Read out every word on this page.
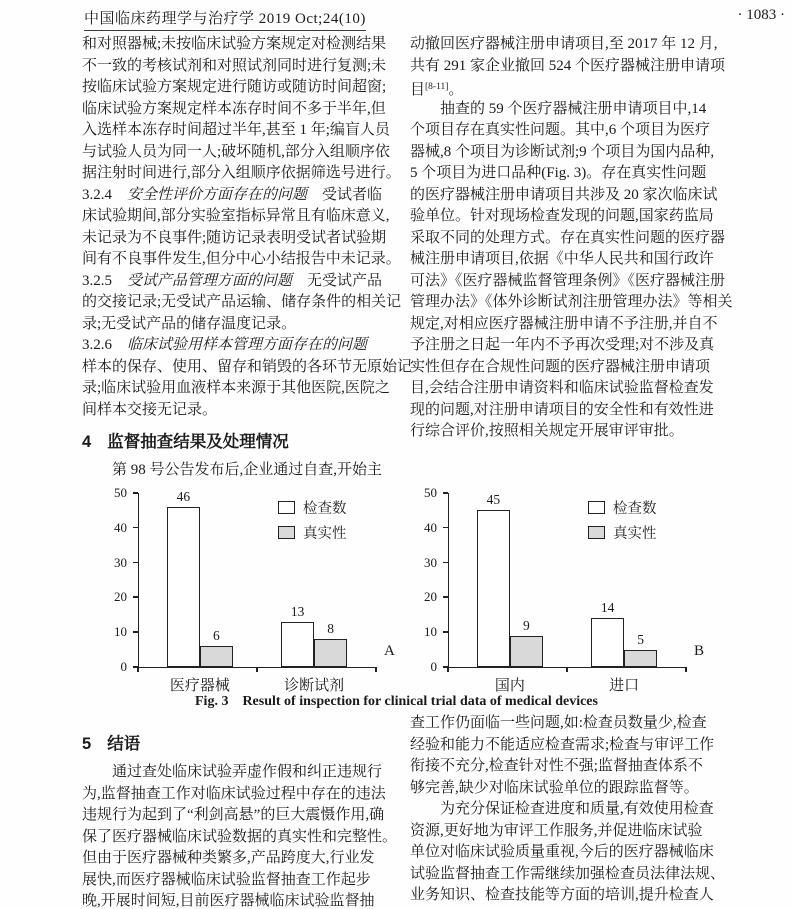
中国临床药理学与治疗学 2019 Oct;24(10)	· 1083 ·
和对照器械;未按临床试验方案规定对检测结果
不一致的考核试剂和对照试剂同时进行复测;未
按临床试验方案规定进行随访或随访时间超窗;
临床试验方案规定样本冻存时间不多于半年,但
入选样本冻存时间超过半年,甚至 1 年;编盲人员
与试验人员为同一人;破坏随机,部分入组顺序依
据注射时间进行,部分入组顺序依据筛选号进行。
3.2.4　安全性评价方面存在的问题　受试者临
床试验期间,部分实验室指标异常且有临床意义,
未记录为不良事件;随访记录表明受试者试验期
间有不良事件发生,但分中心小结报告中未记录。
3.2.5　受试产品管理方面的问题　无受试产品
的交接记录;无受试产品运输、储存条件的相关记
录;无受试产品的储存温度记录。
3.2.6　临床试验用样本管理方面存在的问题
样本的保存、使用、留存和销毁的各环节无原始记
录;临床试验用血液样本来源于其他医院,医院之
间样本交接无记录。
4 监督抽查结果及处理情况
　　第 98 号公告发布后,企业通过自查,开始主
动撤回医疗器械注册申请项目,至 2017 年 12 月,
共有 291 家企业撤回 524 个医疗器械注册申请项
目[8-11]。
　　抽查的 59 个医疗器械注册申请项目中,14
个项目存在真实性问题。其中,6 个项目为医疗
器械,8 个项目为诊断试剂;9 个项目为国内品种,
5 个项目为进口品种(Fig. 3)。存在真实性问题
的医疗器械注册申请项目共涉及 20 家次临床试
验单位。针对现场检查发现的问题,国家药监局
采取不同的处理方式。存在真实性问题的医疗器
械注册申请项目,依据《中华人民共和国行政许
可法》《医疗器械监督管理条例》《医疗器械注册
管理办法》《体外诊断试剂注册管理办法》等相关
规定,对相应医疗器械注册申请不予注册,并自不
予注册之日起一年内不予再次受理;对不涉及真
实性但存在合规性问题的医疗器械注册申请项
目,会结合注册申请资料和临床试验监督检查发
现的问题,对注册申请项目的安全性和有效性进
行综合评价,按照相关规定开展审评审批。
0
10
20
30
40
50	46
6
医疗器械
13
8
诊断试剂
检查数
真实性
A
0
10
20
30
40
50	45
9
国内
14
5
进口
检查数
真实性
B
Fig. 3　Result of inspection for clinical trial data of medical devices
5 结语
　　通过查处临床试验弄虚作假和纠正违规行
为,监督抽查工作对临床试验过程中存在的违法
违规行为起到了“利剑高悬”的巨大震慑作用,确
保了医疗器械临床试验数据的真实性和完整性。
但由于医疗器械种类繁多,产品跨度大,行业发
展快,而医疗器械临床试验监督抽查工作起步
晚,开展时间短,目前医疗器械临床试验监督抽
查工作仍面临一些问题,如:检查员数量少,检查
经验和能力不能适应检查需求;检查与审评工作
衔接不充分,检查针对性不强;监督抽查体系不
够完善,缺少对临床试验单位的跟踪监督等。
　　为充分保证检查进度和质量,有效使用检查
资源,更好地为审评工作服务,并促进临床试验
单位对临床试验质量重视,今后的医疗器械临床
试验监督抽查工作需继续加强检查员法律法规、
业务知识、检查技能等方面的培训,提升检查人
